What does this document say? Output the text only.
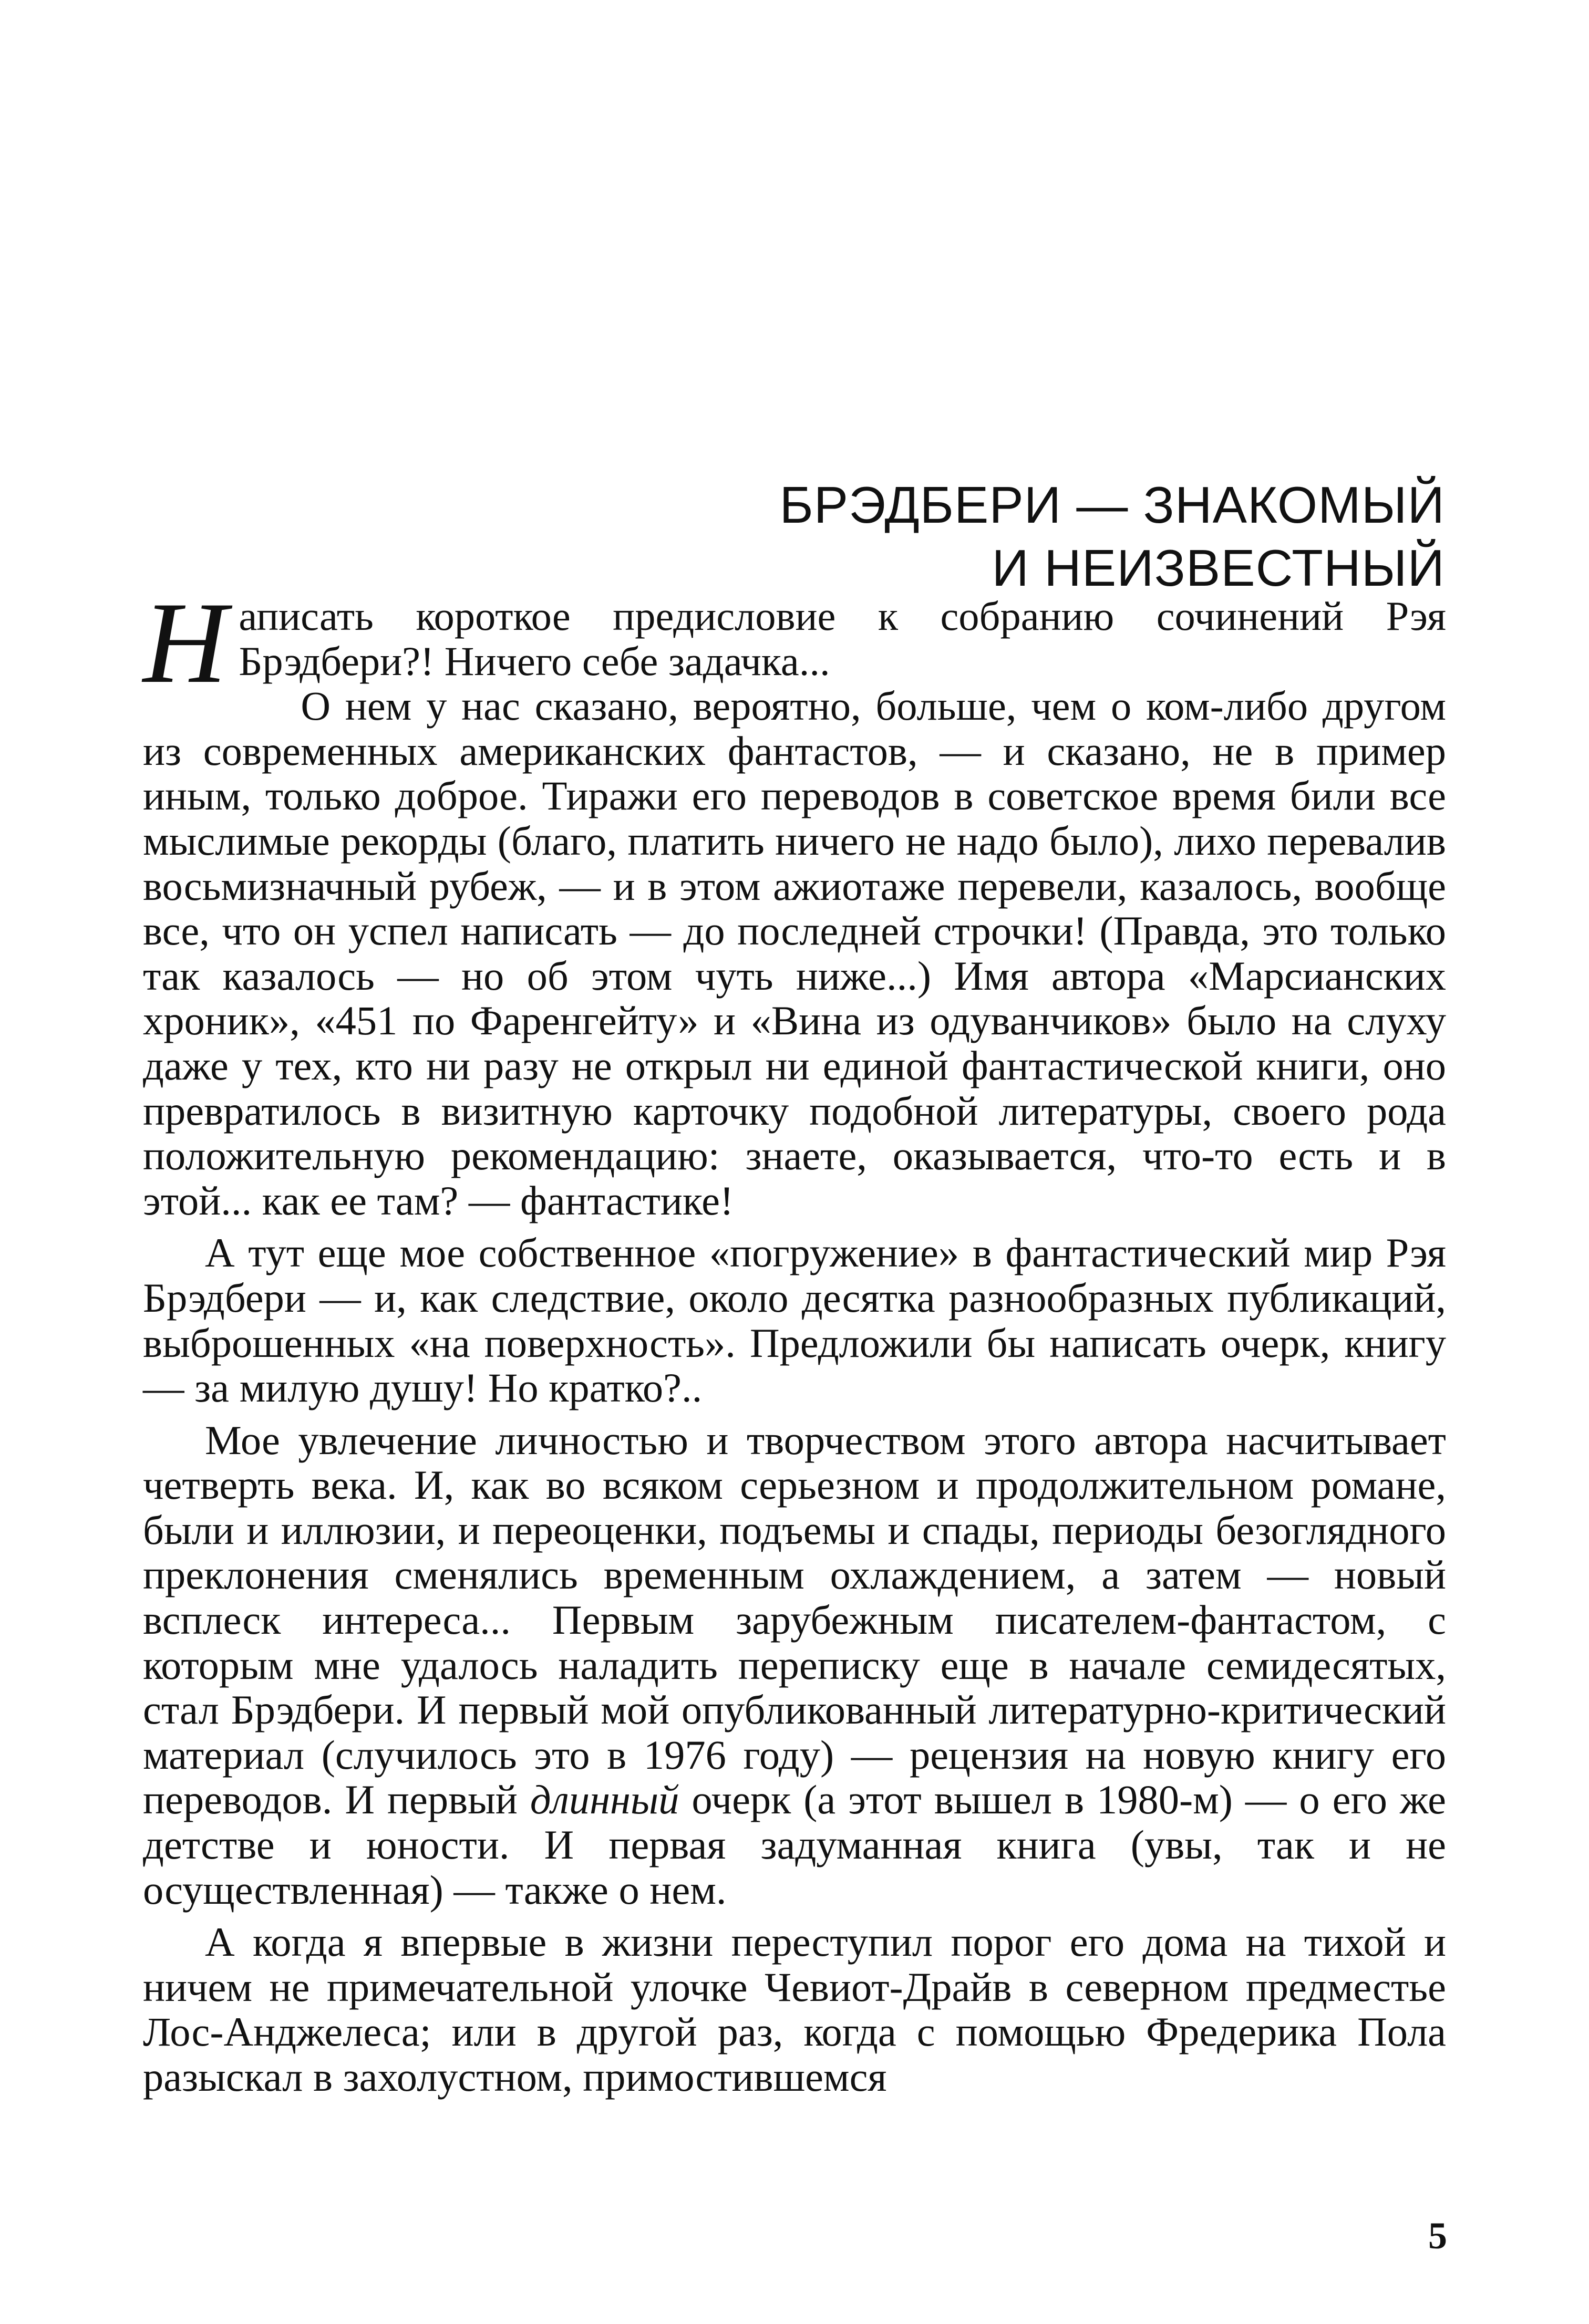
БРЭДБЕРИ — ЗНАКОМЫЙ
И НЕИЗВЕСТНЫЙ

Написать короткое предисловие к собранию сочинений Рэя Брэдбери?! Ничего себе задачка...

О нем у нас сказано, вероятно, больше, чем о ком-либо другом из современных американских фантастов, — и сказано, не в пример иным, только доброе. Тиражи его переводов в советское время били все мыслимые рекорды (благо, платить ничего не надо было), лихо перевалив восьмизначный рубеж, — и в этом ажиотаже перевели, казалось, вообще все, что он успел написать — до последней строчки! (Правда, это только так казалось — но об этом чуть ниже...) Имя автора «Марсианских хроник», «451 по Фаренгейту» и «Вина из одуванчиков» было на слуху даже у тех, кто ни разу не открыл ни единой фантастической книги, оно превратилось в визитную карточку подобной литературы, своего рода положительную рекомендацию: знаете, оказывается, что-то есть и в этой... как ее там? — фантастике!

А тут еще мое собственное «погружение» в фантастический мир Рэя Брэдбери — и, как следствие, около десятка разнообразных публикаций, выброшенных «на поверхность». Предложили бы написать очерк, книгу — за милую душу! Но кратко?..

Мое увлечение личностью и творчеством этого автора насчитывает четверть века. И, как во всяком серьезном и продолжительном романе, были и иллюзии, и переоценки, подъемы и спады, периоды безоглядного преклонения сменялись временным охлаждением, а затем — новый всплеск интереса... Первым зарубежным писателем-фантастом, с которым мне удалось наладить переписку еще в начале семидесятых, стал Брэдбери. И первый мой опубликованный литературно-критический материал (случилось это в 1976 году) — рецензия на новую книгу его переводов. И первый длинный очерк (а этот вышел в 1980-м) — о его же детстве и юности. И первая задуманная книга (увы, так и не осуществленная) — также о нем.

А когда я впервые в жизни переступил порог его дома на тихой и ничем не примечательной улочке Чевиот-Драйв в северном предместье Лос-Анджелеса; или в другой раз, когда с помощью Фредерика Пола разыскал в захолустном, примостившемся

5
